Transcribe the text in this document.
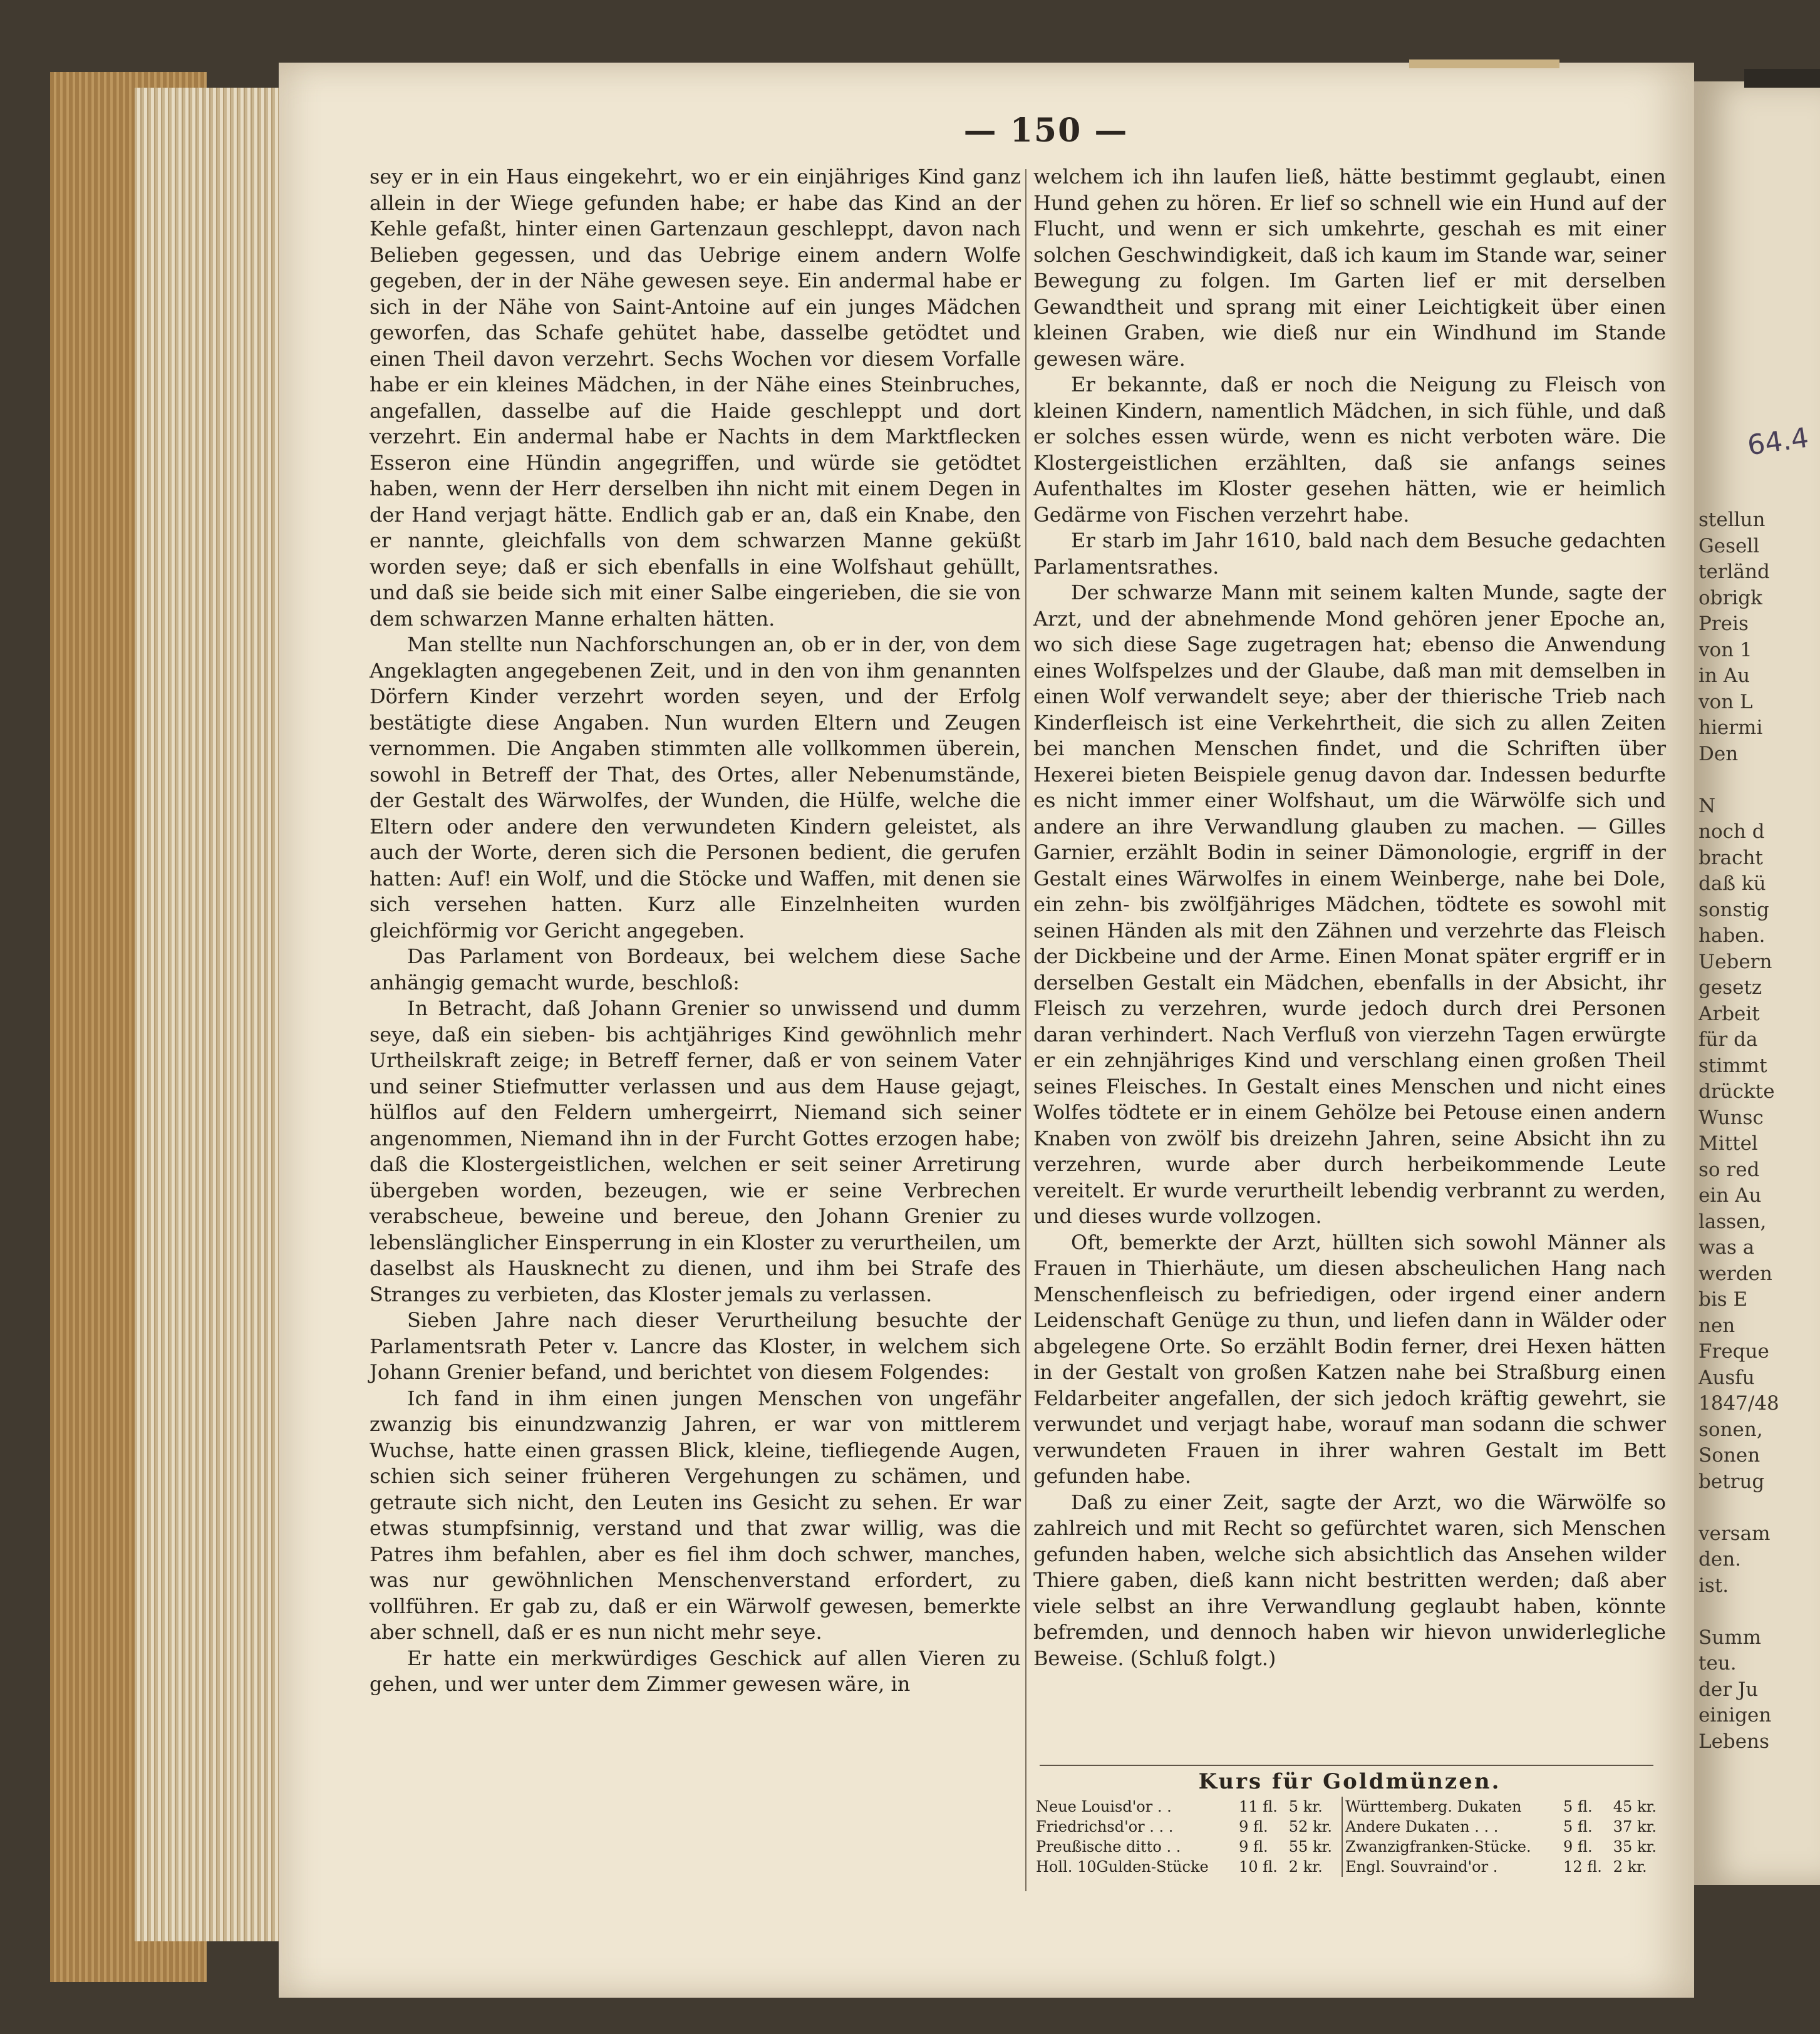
— 150 —

sey er in ein Haus eingekehrt, wo er ein einjähriges Kind ganz allein in der Wiege gefunden habe; er habe das Kind an der Kehle gefaßt, hinter einen Gartenzaun geschleppt, davon nach Belieben gegessen, und das Uebrige einem andern Wolfe gegeben, der in der Nähe gewesen seye. Ein andermal habe er sich in der Nähe von Saint-Antoine auf ein junges Mädchen geworfen, das Schafe gehütet habe, dasselbe getödtet und einen Theil davon verzehrt. Sechs Wochen vor diesem Vorfalle habe er ein kleines Mädchen, in der Nähe eines Steinbruches, angefallen, dasselbe auf die Haide geschleppt und dort verzehrt. Ein andermal habe er Nachts in dem Marktflecken Esseron eine Hündin angegriffen, und würde sie getödtet haben, wenn der Herr derselben ihn nicht mit einem Degen in der Hand verjagt hätte. Endlich gab er an, daß ein Knabe, den er nannte, gleichfalls von dem schwarzen Manne geküßt worden seye; daß er sich ebenfalls in eine Wolfshaut gehüllt, und daß sie beide sich mit einer Salbe eingerieben, die sie von dem schwarzen Manne erhalten hätten.

Man stellte nun Nachforschungen an, ob er in der, von dem Angeklagten angegebenen Zeit, und in den von ihm genannten Dörfern Kinder verzehrt worden seyen, und der Erfolg bestätigte diese Angaben. Nun wurden Eltern und Zeugen vernommen. Die Angaben stimmten alle vollkommen überein, sowohl in Betreff der That, des Ortes, aller Nebenumstände, der Gestalt des Wärwolfes, der Wunden, die Hülfe, welche die Eltern oder andere den verwundeten Kindern geleistet, als auch der Worte, deren sich die Personen bedient, die gerufen hatten: Auf! ein Wolf, und die Stöcke und Waffen, mit denen sie sich versehen hatten. Kurz alle Einzelnheiten wurden gleichförmig vor Gericht angegeben.

Das Parlament von Bordeaux, bei welchem diese Sache anhängig gemacht wurde, beschloß:

In Betracht, daß Johann Grenier so unwissend und dumm seye, daß ein sieben- bis achtjähriges Kind gewöhnlich mehr Urtheilskraft zeige; in Betreff ferner, daß er von seinem Vater und seiner Stiefmutter verlassen und aus dem Hause gejagt, hülflos auf den Feldern umhergeirrt, Niemand sich seiner angenommen, Niemand ihn in der Furcht Gottes erzogen habe; daß die Klostergeistlichen, welchen er seit seiner Arretirung übergeben worden, bezeugen, wie er seine Verbrechen verabscheue, beweine und bereue, den Johann Grenier zu lebenslänglicher Einsperrung in ein Kloster zu verurtheilen, um daselbst als Hausknecht zu dienen, und ihm bei Strafe des Stranges zu verbieten, das Kloster jemals zu verlassen.

Sieben Jahre nach dieser Verurtheilung besuchte der Parlamentsrath Peter v. Lancre das Kloster, in welchem sich Johann Grenier befand, und berichtet von diesem Folgendes:

Ich fand in ihm einen jungen Menschen von ungefähr zwanzig bis einundzwanzig Jahren, er war von mittlerem Wuchse, hatte einen grassen Blick, kleine, tiefliegende Augen, schien sich seiner früheren Vergehungen zu schämen, und getraute sich nicht, den Leuten ins Gesicht zu sehen. Er war etwas stumpfsinnig, verstand und that zwar willig, was die Patres ihm befahlen, aber es fiel ihm doch schwer, manches, was nur gewöhnlichen Menschenverstand erfordert, zu vollführen. Er gab zu, daß er ein Wärwolf gewesen, bemerkte aber schnell, daß er es nun nicht mehr seye.

Er hatte ein merkwürdiges Geschick auf allen Vieren zu gehen, und wer unter dem Zimmer gewesen wäre, in

welchem ich ihn laufen ließ, hätte bestimmt geglaubt, einen Hund gehen zu hören. Er lief so schnell wie ein Hund auf der Flucht, und wenn er sich umkehrte, geschah es mit einer solchen Geschwindigkeit, daß ich kaum im Stande war, seiner Bewegung zu folgen. Im Garten lief er mit derselben Gewandtheit und sprang mit einer Leichtigkeit über einen kleinen Graben, wie dieß nur ein Windhund im Stande gewesen wäre.

Er bekannte, daß er noch die Neigung zu Fleisch von kleinen Kindern, namentlich Mädchen, in sich fühle, und daß er solches essen würde, wenn es nicht verboten wäre. Die Klostergeistlichen erzählten, daß sie anfangs seines Aufenthaltes im Kloster gesehen hätten, wie er heimlich Gedärme von Fischen verzehrt habe.

Er starb im Jahr 1610, bald nach dem Besuche gedachten Parlamentsrathes.

Der schwarze Mann mit seinem kalten Munde, sagte der Arzt, und der abnehmende Mond gehören jener Epoche an, wo sich diese Sage zugetragen hat; ebenso die Anwendung eines Wolfspelzes und der Glaube, daß man mit demselben in einen Wolf verwandelt seye; aber der thierische Trieb nach Kinderfleisch ist eine Verkehrtheit, die sich zu allen Zeiten bei manchen Menschen findet, und die Schriften über Hexerei bieten Beispiele genug davon dar. Indessen bedurfte es nicht immer einer Wolfshaut, um die Wärwölfe sich und andere an ihre Verwandlung glauben zu machen. — Gilles Garnier, erzählt Bodin in seiner Dämonologie, ergriff in der Gestalt eines Wärwolfes in einem Weinberge, nahe bei Dole, ein zehn- bis zwölfjähriges Mädchen, tödtete es sowohl mit seinen Händen als mit den Zähnen und verzehrte das Fleisch der Dickbeine und der Arme. Einen Monat später ergriff er in derselben Gestalt ein Mädchen, ebenfalls in der Absicht, ihr Fleisch zu verzehren, wurde jedoch durch drei Personen daran verhindert. Nach Verfluß von vierzehn Tagen erwürgte er ein zehnjähriges Kind und verschlang einen großen Theil seines Fleisches. In Gestalt eines Menschen und nicht eines Wolfes tödtete er in einem Gehölze bei Petouse einen andern Knaben von zwölf bis dreizehn Jahren, seine Absicht ihn zu verzehren, wurde aber durch herbeikommende Leute vereitelt. Er wurde verurtheilt lebendig verbrannt zu werden, und dieses wurde vollzogen.

Oft, bemerkte der Arzt, hüllten sich sowohl Männer als Frauen in Thierhäute, um diesen abscheulichen Hang nach Menschenfleisch zu befriedigen, oder irgend einer andern Leidenschaft Genüge zu thun, und liefen dann in Wälder oder abgelegene Orte. So erzählt Bodin ferner, drei Hexen hätten in der Gestalt von großen Katzen nahe bei Straßburg einen Feldarbeiter angefallen, der sich jedoch kräftig gewehrt, sie verwundet und verjagt habe, worauf man sodann die schwer verwundeten Frauen in ihrer wahren Gestalt im Bett gefunden habe.

Daß zu einer Zeit, sagte der Arzt, wo die Wärwölfe so zahlreich und mit Recht so gefürchtet waren, sich Menschen gefunden haben, welche sich absichtlich das Ansehen wilder Thiere gaben, dieß kann nicht bestritten werden; daß aber viele selbst an ihre Verwandlung geglaubt haben, könnte befremden, und dennoch haben wir hievon unwiderlegliche Beweise. (Schluß folgt.)

Kurs für Goldmünzen.
Neue Louisd'or . .	11 fl.	5 kr.	Württemberg. Dukaten	5 fl.	45 kr.
Friedrichsd'or . . .	9 fl.	52 kr.	Andere Dukaten . . .	5 fl.	37 kr.
Preußische ditto . .	9 fl.	55 kr.	Zwanzigfranken-Stücke.	9 fl.	35 kr.
Holl. 10Gulden-Stücke	10 fl.	2 kr.	Engl. Souvraind'or .	12 fl.	2 kr.
stellun
Gesell
terländ
obrigk
Preis
von 1
in Au
von L
hiermi
Den
N
noch d
bracht
daß kü
sonstig
haben.
Uebern
gesetz
Arbeit
für da
stimmt
drückte
Wunsc
Mittel
so red
ein Au
lassen,
was a
werden
bis E
nen
Freque
Ausfu
1847/48
sonen,
Sonen
betrug
versam
den.
ist.
Summ
teu.
der Ju
einigen
Lebens
64.4
